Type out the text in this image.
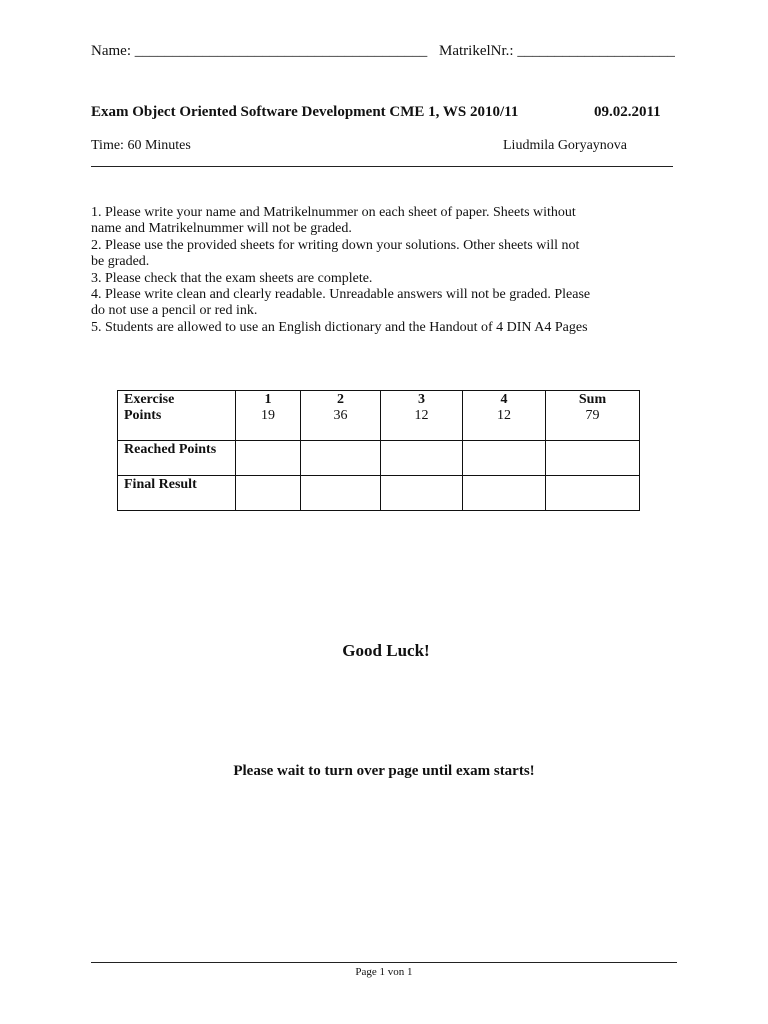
Name: _______________________________________ MatrikelNr.: _____________________
Exam Object Oriented Software Development CME 1, WS 2010/11	09.02.2011
Time: 60 Minutes	Liudmila Goryaynova
1. Please write your name and Matrikelnummer on each sheet of paper. Sheets without
name and Matrikelnummer will not be graded.
2. Please use the provided sheets for writing down your solutions. Other sheets will not
be graded.
3. Please check that the exam sheets are complete.
4. Please write clean and clearly readable. Unreadable answers will not be graded. Please
do not use a pencil or red ink.
5. Students are allowed to use an English dictionary and the Handout of 4 DIN A4 Pages
Exercise	1	2	3	4	Sum
Points	19	36	12	12	79
Reached Points					
Final Result					
Good Luck!
Please wait to turn over page until exam starts!
Page 1 von 1
